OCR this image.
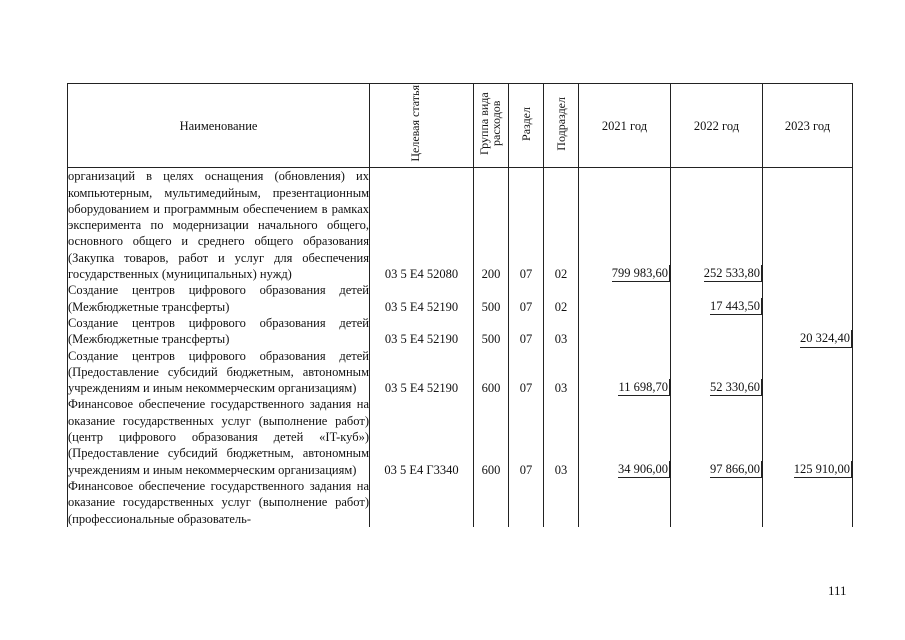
Наименование	Целевая статья	Группа вида расходов	Раздел	Подраздел	2021 год	2022 год	2023 год
организаций в целях оснащения (обновления) их компьютерным, мультимедийным, презентационным оборудованием и программным обеспечением в рамках эксперимента по модернизации начального общего, основного общего и среднего общего образования (Закупка товаров, работ и услуг для обеспечения государственных (муниципальных) нужд)	03 5 E4 52080	200	07	02	799 983,60	252 533,80	
Создание центров цифрового образования детей (Межбюджетные трансферты)	03 5 E4 52190	500	07	02		17 443,50	
Создание центров цифрового образования детей (Межбюджетные трансферты)	03 5 E4 52190	500	07	03			20 324,40
Создание центров цифрового образования детей (Предоставление субсидий бюджетным, автономным учреждениям и иным некоммерческим организациям)	03 5 E4 52190	600	07	03	11 698,70	52 330,60	
Финансовое обеспечение государственного задания на оказание государственных услуг (выполнение работ) (центр цифрового образования детей «IT-куб») (Предоставление субсидий бюджетным, автономным учреждениям и иным некоммерческим организациям)	03 5 E4 Г3340	600	07	03	34 906,00	97 866,00	125 910,00
Финансовое обеспечение государственного задания на оказание государственных услуг (выполнение работ) (профессиональные образователь-							
111
